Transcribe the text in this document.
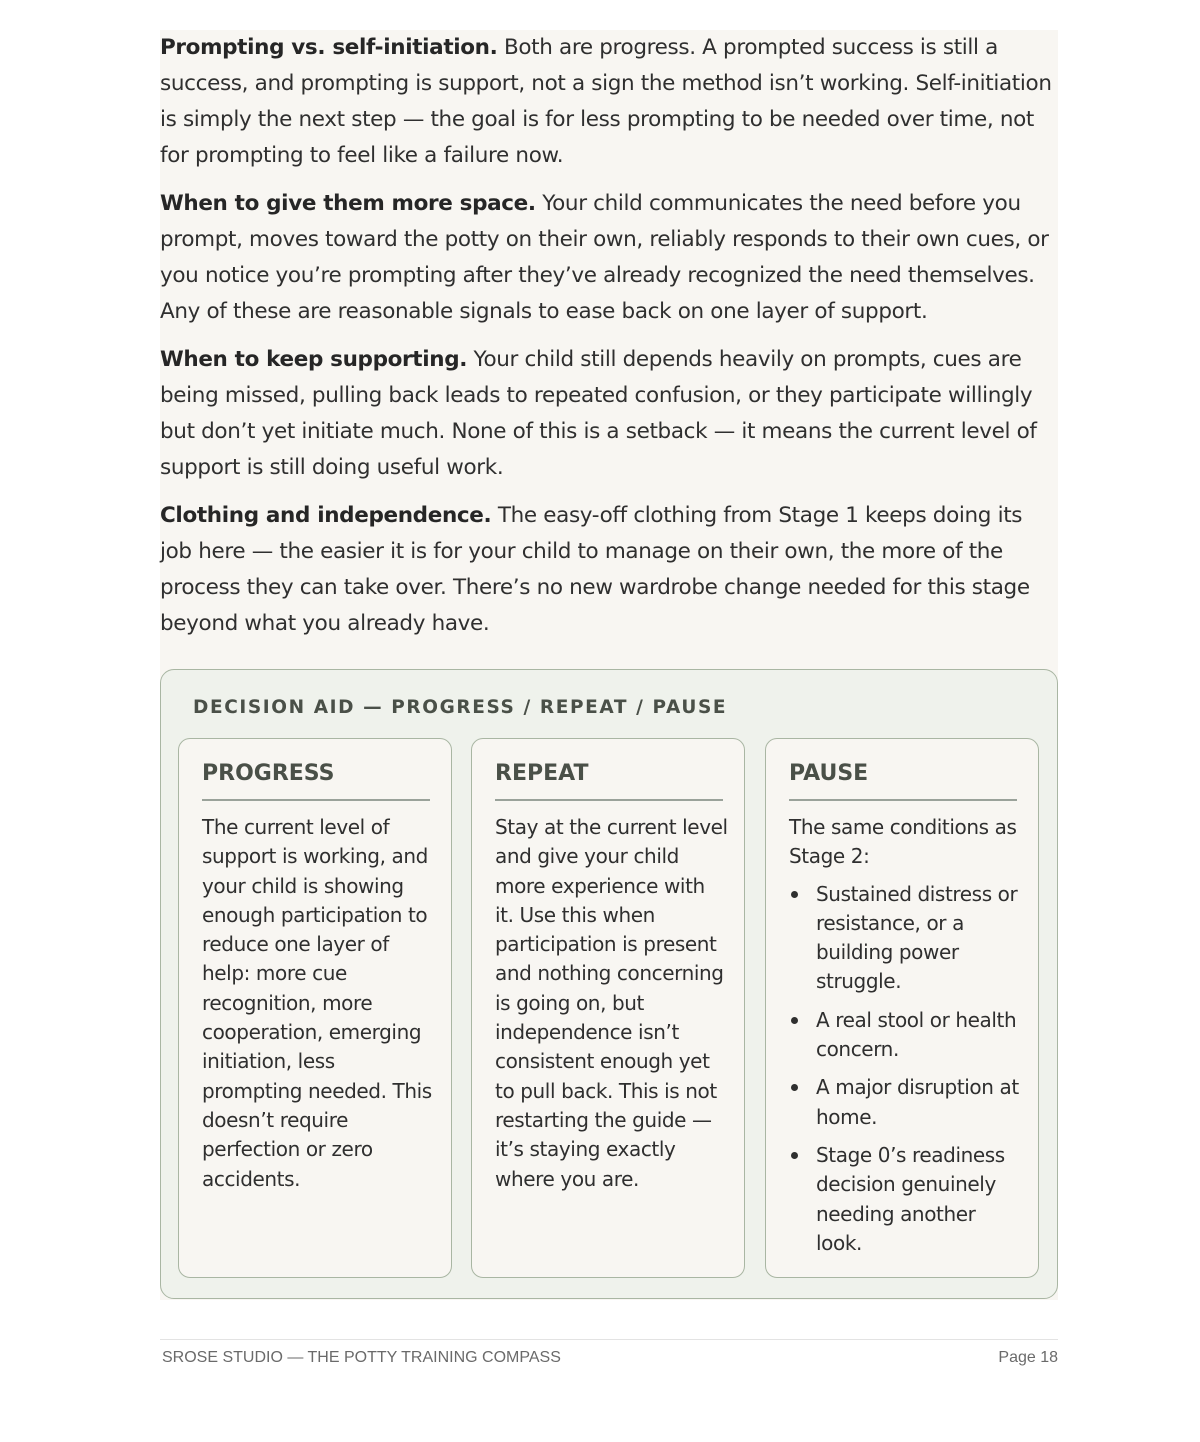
Prompting vs. self-initiation. Both are progress. A prompted success is still a success, and prompting is support, not a sign the method isn’t working. Self-initiation is simply the next step — the goal is for less prompting to be needed over time, not for prompting to feel like a failure now.

When to give them more space. Your child communicates the need before you prompt, moves toward the potty on their own, reliably responds to their own cues, or you notice you’re prompting after they’ve already recognized the need themselves. Any of these are reasonable signals to ease back on one layer of support.

When to keep supporting. Your child still depends heavily on prompts, cues are being missed, pulling back leads to repeated confusion, or they participate willingly but don’t yet initiate much. None of this is a setback — it means the current level of support is still doing useful work.

Clothing and independence. The easy-off clothing from Stage 1 keeps doing its job here — the easier it is for your child to manage on their own, the more of the process they can take over. There’s no new wardrobe change needed for this stage beyond what you already have.

DECISION AID — PROGRESS / REPEAT / PAUSE
PROGRESS
The current level of support is working, and your child is showing enough participation to reduce one layer of help: more cue recognition, more cooperation, emerging initiation, less prompting needed. This doesn’t require perfection or zero accidents.
REPEAT
Stay at the current level and give your child more experience with it. Use this when participation is present and nothing concerning is going on, but independence isn’t consistent enough yet to pull back. This is not restarting the guide — it’s staying exactly where you are.
PAUSE
The same conditions as Stage 2:
Sustained distress or resistance, or a building power struggle.
A real stool or health concern.
A major disruption at home.
Stage 0’s readiness decision genuinely needing another look.
SROSE STUDIO — THE POTTY TRAINING COMPASS	Page 18
